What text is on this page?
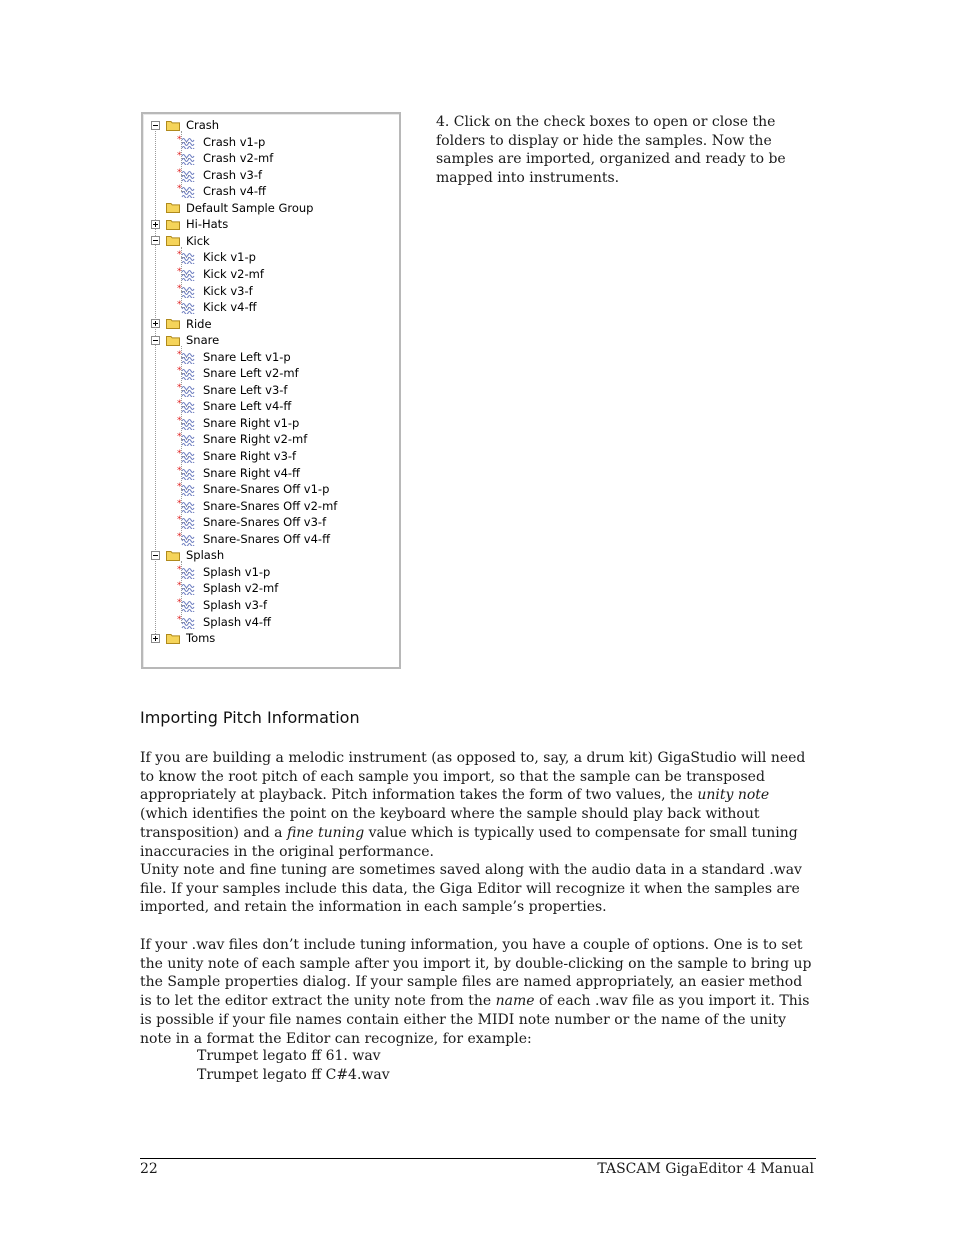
Crash
* Crash v1-p
* Crash v2-mf
* Crash v3-f
* Crash v4-ff
Default Sample Group
Hi-Hats
Kick
* Kick v1-p
* Kick v2-mf
* Kick v3-f
* Kick v4-ff
Ride
Snare
* Snare Left v1-p
* Snare Left v2-mf
* Snare Left v3-f
* Snare Left v4-ff
* Snare Right v1-p
* Snare Right v2-mf
* Snare Right v3-f
* Snare Right v4-ff
* Snare-Snares Off v1-p
* Snare-Snares Off v2-mf
* Snare-Snares Off v3-f
* Snare-Snares Off v4-ff
Splash
* Splash v1-p
* Splash v2-mf
* Splash v3-f
* Splash v4-ff
Toms

4. Click on the check boxes to open or close the folders to display or hide the samples. Now the samples are imported, organized and ready to be mapped into instruments.

Importing Pitch Information

If you are building a melodic instrument (as opposed to, say, a drum kit) GigaStudio will need to know the root pitch of each sample you import, so that the sample can be transposed appropriately at playback. Pitch information takes the form of two values, the unity note (which identifies the point on the keyboard where the sample should play back without transposition) and a fine tuning value which is typically used to compensate for small tuning inaccuracies in the original performance.

Unity note and fine tuning are sometimes saved along with the audio data in a standard .wav file. If your samples include this data, the Giga Editor will recognize it when the samples are imported, and retain the information in each sample’s properties.

If your .wav files don’t include tuning information, you have a couple of options. One is to set the unity note of each sample after you import it, by double-clicking on the sample to bring up the Sample properties dialog. If your sample files are named appropriately, an easier method is to let the editor extract the unity note from the name of each .wav file as you import it. This is possible if your file names contain either the MIDI note number or the name of the unity note in a format the Editor can recognize, for example:

Trumpet legato ff 61. wav

Trumpet legato ff C#4.wav

22	TASCAM GigaEditor 4 Manual
